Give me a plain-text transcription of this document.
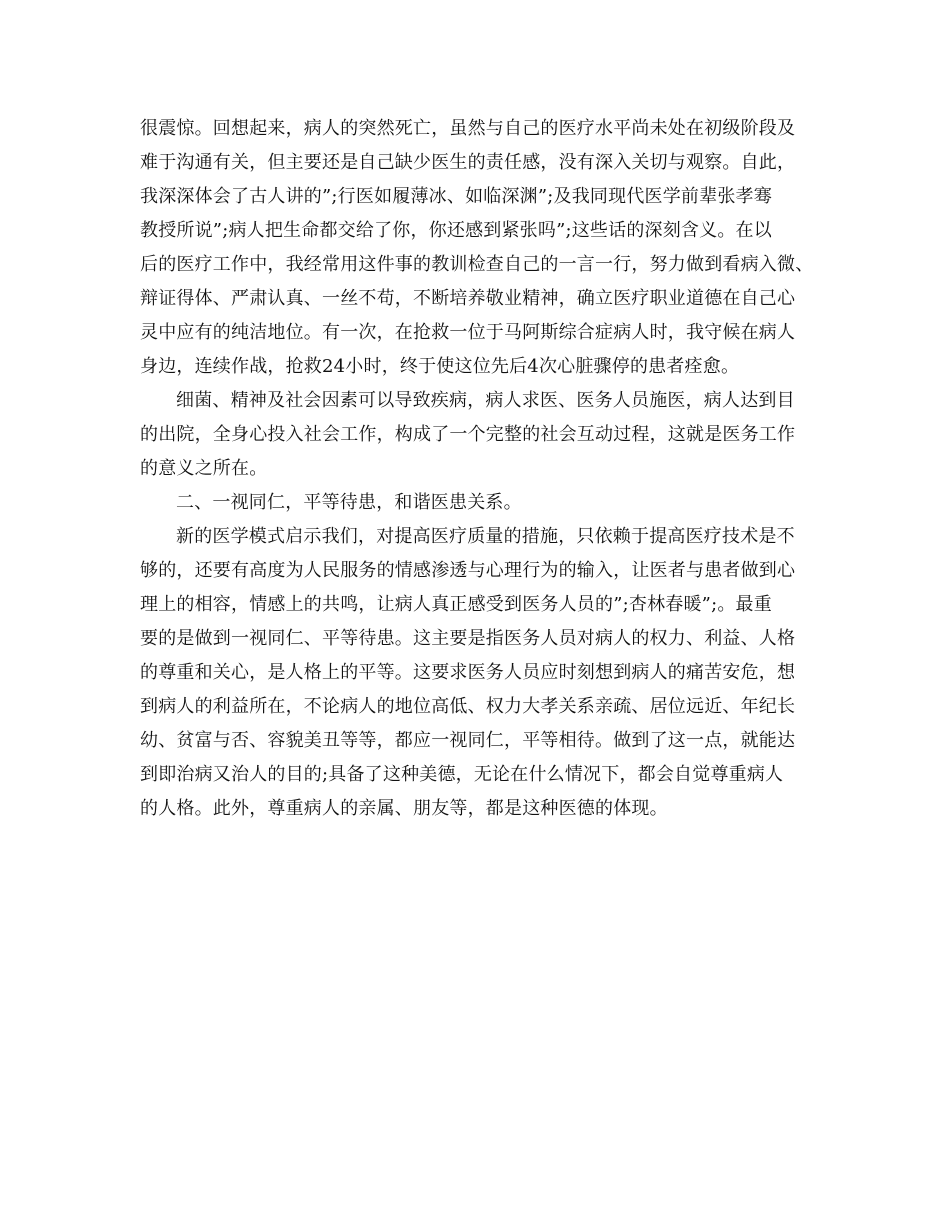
很震惊。回想起来，病人的突然死亡，虽然与自己的医疗水平尚未处在初级阶段及
难于沟通有关，但主要还是自己缺少医生的责任感，没有深入关切与观察。自此，
我深深体会了古人讲的”;行医如履薄冰、如临深渊”;及我同现代医学前辈张孝骞
教授所说”;病人把生命都交给了你，你还感到紧张吗”;这些话的深刻含义。在以
后的医疗工作中，我经常用这件事的教训检查自己的一言一行，努力做到看病入微、
辩证得体、严肃认真、一丝不苟，不断培养敬业精神，确立医疗职业道德在自己心
灵中应有的纯洁地位。有一次，在抢救一位于马阿斯综合症病人时，我守候在病人
身边，连续作战，抢救24小时，终于使这位先后4次心脏骤停的患者痊愈。
细菌、精神及社会因素可以导致疾病，病人求医、医务人员施医，病人达到目
的出院，全身心投入社会工作，构成了一个完整的社会互动过程，这就是医务工作
的意义之所在。
二、一视同仁，平等待患，和谐医患关系。
新的医学模式启示我们，对提高医疗质量的措施，只依赖于提高医疗技术是不
够的，还要有高度为人民服务的情感渗透与心理行为的输入，让医者与患者做到心
理上的相容，情感上的共鸣，让病人真正感受到医务人员的”;杏林春暖”;。最重
要的是做到一视同仁、平等待患。这主要是指医务人员对病人的权力、利益、人格
的尊重和关心，是人格上的平等。这要求医务人员应时刻想到病人的痛苦安危，想
到病人的利益所在，不论病人的地位高低、权力大孝关系亲疏、居位远近、年纪长
幼、贫富与否、容貌美丑等等，都应一视同仁，平等相待。做到了这一点，就能达
到即治病又治人的目的;具备了这种美德，无论在什么情况下，都会自觉尊重病人
的人格。此外，尊重病人的亲属、朋友等，都是这种医德的体现。
